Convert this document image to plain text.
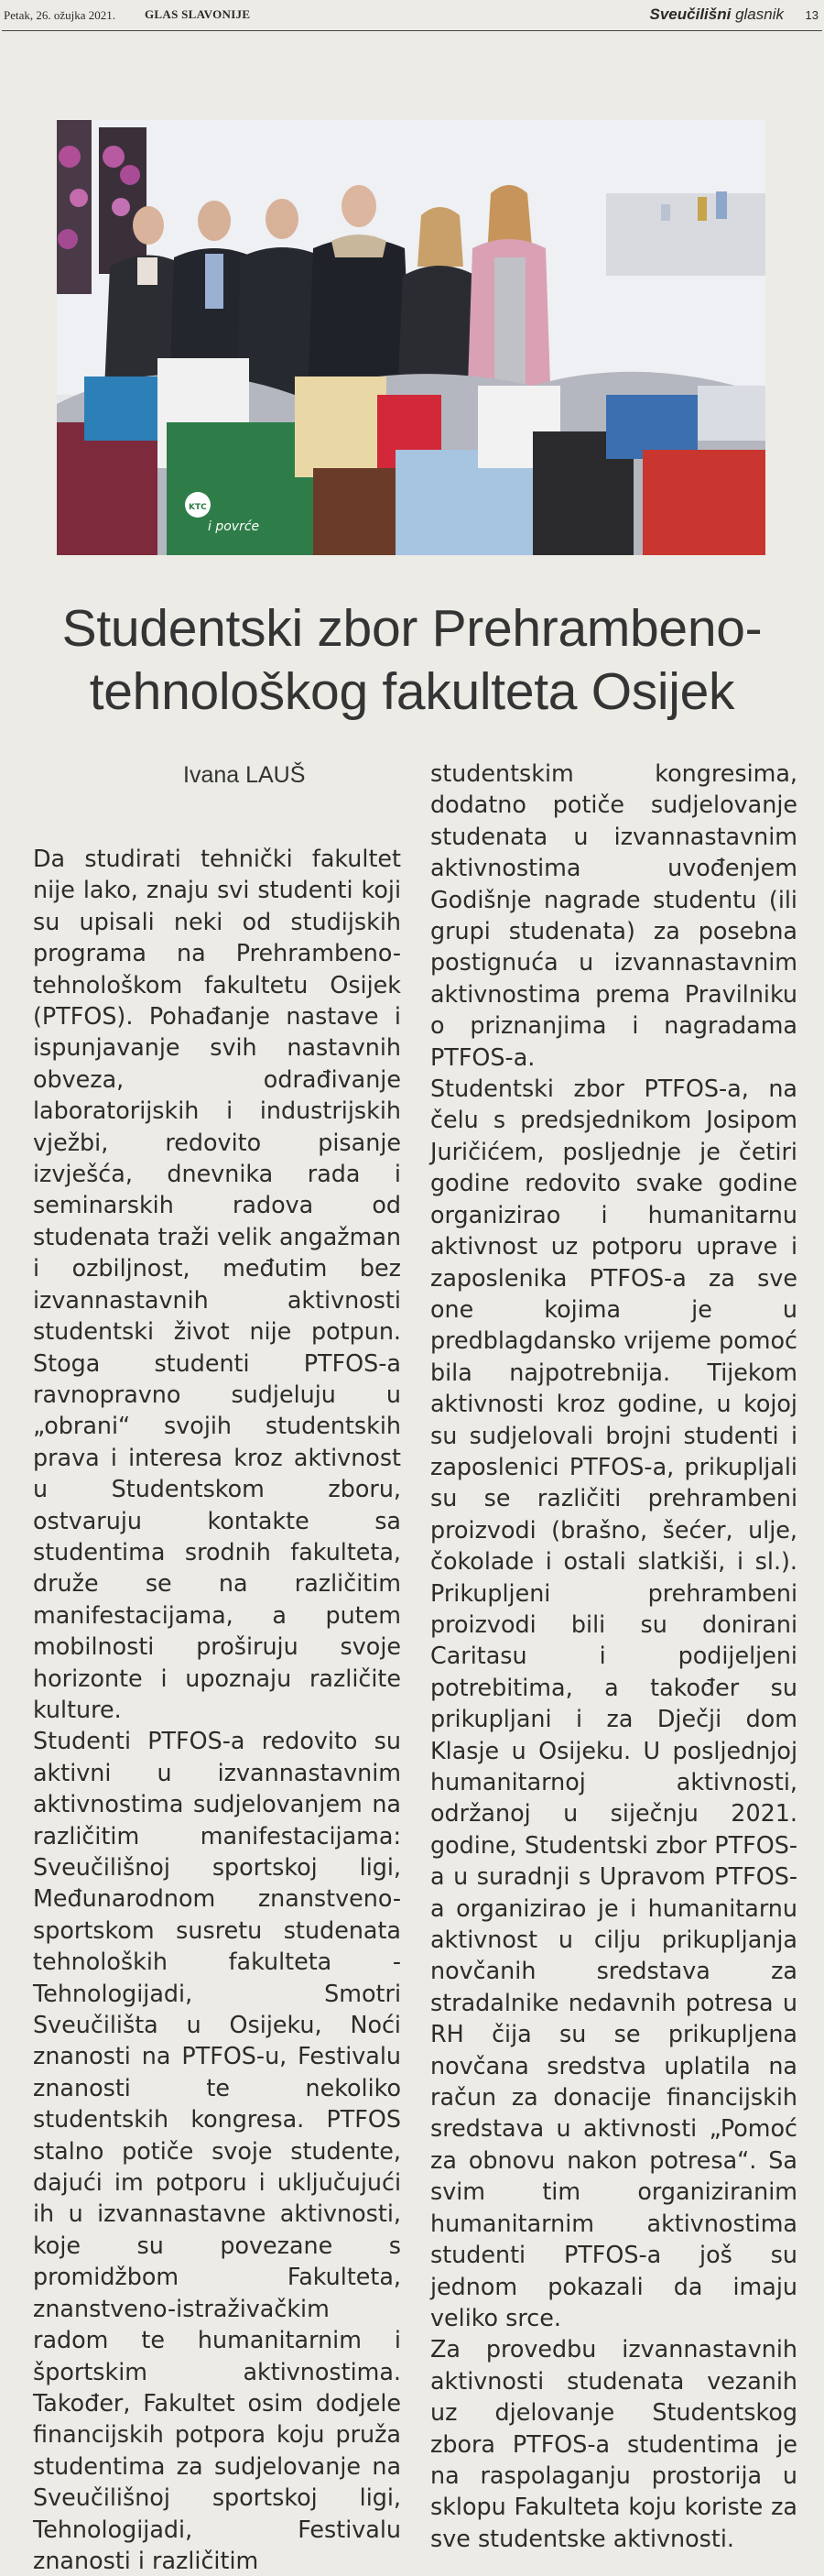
Petak, 26. ožujka 2021. GLAS SLAVONIJE	Sveučilišni glasnik 13
i povrće
KTC
Studentski zbor Prehrambeno-tehnološkog fakulteta Osijek
Ivana LAUŠ

Da studirati tehnički fakultet nije lako, znaju svi studenti koji su upisali neki od studijskih programa na Prehrambeno-tehnološkom fakultetu Osijek (PTFOS). Pohađanje nastave i ispunjavanje svih nastavnih obveza, odrađivanje laboratorijskih i industrijskih vježbi, redovito pisanje izvješća, dnevnika rada i seminarskih radova od studenata traži velik angažman i ozbiljnost, međutim bez izvannastavnih aktivnosti studentski život nije potpun. Stoga studenti PTFOS-a ravnopravno sudjeluju u „obrani“ svojih studentskih prava i interesa kroz aktivnost u Studentskom zboru, ostvaruju kontakte sa studentima srodnih fakulteta, druže se na različitim manifestacijama, a putem mobilnosti proširuju svoje horizonte i upoznaju različite kulture.

Studenti PTFOS-a redovito su aktivni u izvannastavnim aktivnostima sudjelovanjem na različitim manifestacijama: Sveučilišnoj sportskoj ligi, Međunarodnom znanstveno-sportskom susretu studenata tehnoloških fakulteta - Tehnologijadi, Smotri Sveučilišta u Osijeku, Noći znanosti na PTFOS-u, Festivalu znanosti te nekoliko studentskih kongresa. PTFOS stalno potiče svoje studente, dajući im potporu i uključujući ih u izvannastavne aktivnosti, koje su povezane s promidžbom Fakulteta, znanstveno-istraživačkim radom te humanitarnim i športskim aktivnostima. Također, Fakultet osim dodjele financijskih potpora koju pruža studentima za sudjelovanje na Sveučilišnoj sportskoj ligi, Tehnologijadi, Festivalu znanosti i različitim

studentskim kongresima, dodatno potiče sudjelovanje studenata u izvannastavnim aktivnostima uvođenjem Godišnje nagrade studentu (ili grupi studenata) za posebna postignuća u izvannastavnim aktivnostima prema Pravilniku o priznanjima i nagradama PTFOS-a.

Studentski zbor PTFOS-a, na čelu s predsjednikom Josipom Juričićem, posljednje je četiri godine redovito svake godine organizirao i humanitarnu aktivnost uz potporu uprave i zaposlenika PTFOS-a za sve one kojima je u predblagdansko vrijeme pomoć bila najpotrebnija. Tijekom aktivnosti kroz godine, u kojoj su sudjelovali brojni studenti i zaposlenici PTFOS-a, prikupljali su se različiti prehrambeni proizvodi (brašno, šećer, ulje, čokolade i ostali slatkiši, i sl.). Prikupljeni prehrambeni proizvodi bili su donirani Caritasu i podijeljeni potrebitima, a također su prikupljani i za Dječji dom Klasje u Osijeku. U posljednjoj humanitarnoj aktivnosti, održanoj u siječnju 2021. godine, Studentski zbor PTFOS-a u suradnji s Upravom PTFOS-a organizirao je i humanitarnu aktivnost u cilju prikupljanja novčanih sredstava za stradalnike nedavnih potresa u RH čija su se prikupljena novčana sredstva uplatila na račun za donacije financijskih sredstava u aktivnosti „Pomoć za obnovu nakon potresa“. Sa svim tim organiziranim humanitarnim aktivnostima studenti PTFOS-a još su jednom pokazali da imaju veliko srce.

Za provedbu izvannastavnih aktivnosti studenata vezanih uz djelovanje Studentskog zbora PTFOS-a studentima je na raspolaganju prostorija u sklopu Fakulteta koju koriste za sve studentske aktivnosti.
